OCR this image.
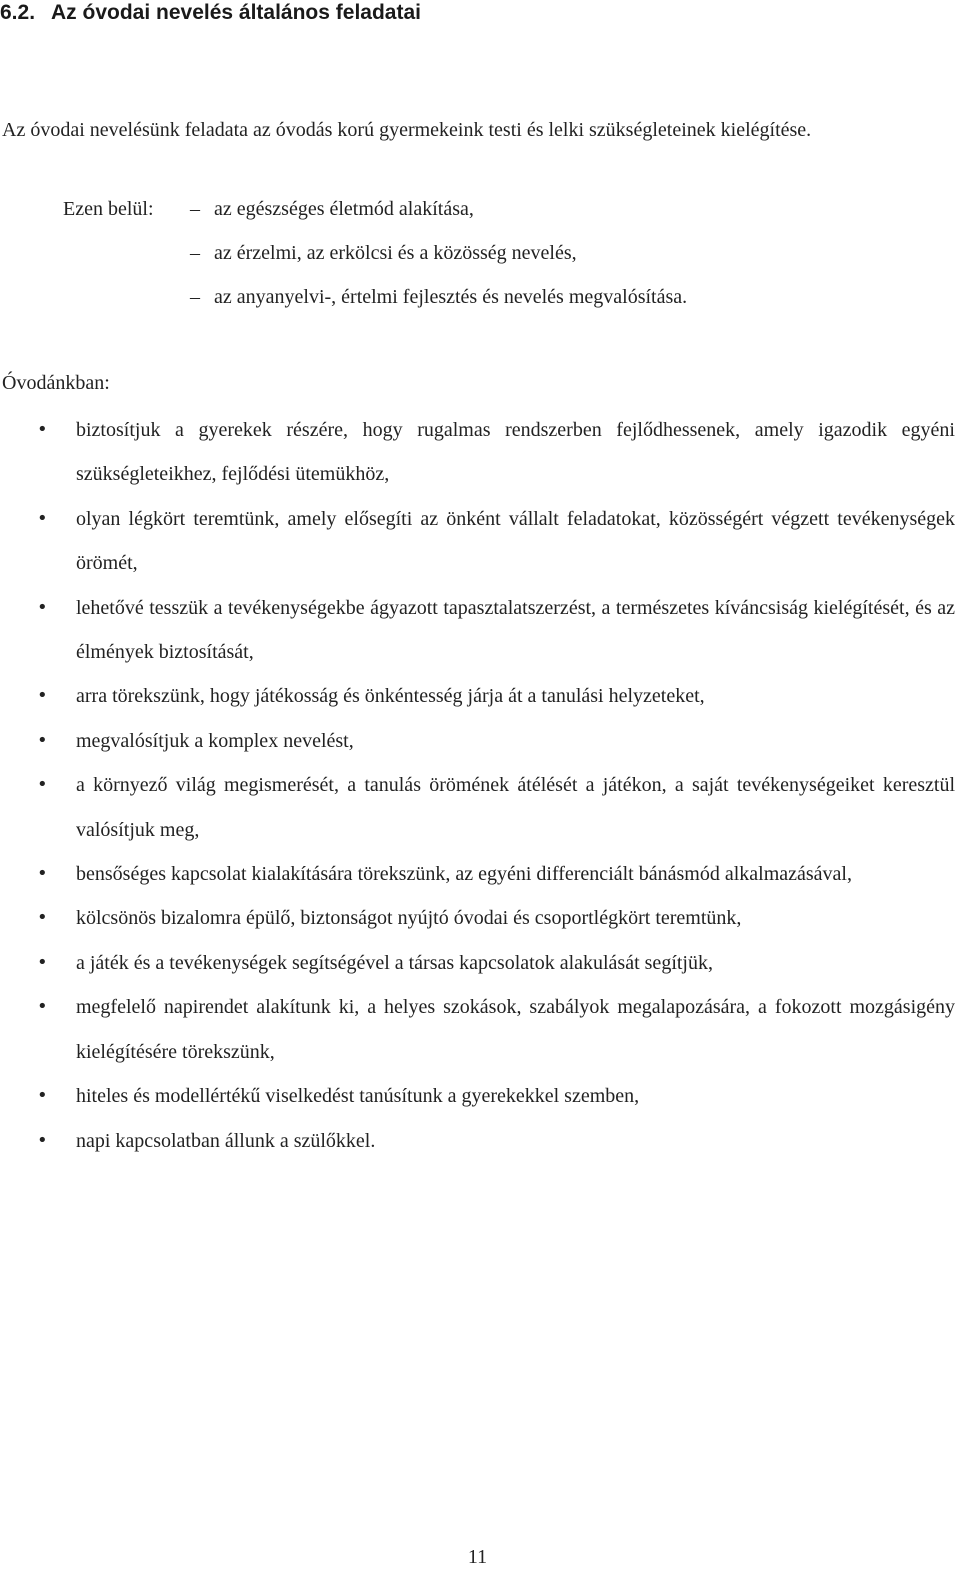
6.2. Az óvodai nevelés általános feladatai
Az óvodai nevelésünk feladata az óvodás korú gyermekeink testi és lelki szükségleteinek kielégítése.
Ezen belül: – az egészséges életmód alakítása,
– az érzelmi, az erkölcsi és a közösség nevelés,
– az anyanyelvi-, értelmi fejlesztés és nevelés megvalósítása.
Óvodánkban:
• biztosítjuk a gyerekek részére, hogy rugalmas rendszerben fejlődhessenek, amely igazodik egyéni szükségleteikhez, fejlődési ütemükhöz,
• olyan légkört teremtünk, amely elősegíti az önként vállalt feladatokat, közösségért végzett tevékenységek örömét,
• lehetővé tesszük a tevékenységekbe ágyazott tapasztalatszerzést, a természetes kíváncsiság kielégítését, és az élmények biztosítását,
• arra törekszünk, hogy játékosság és önkéntesség járja át a tanulási helyzeteket,
• megvalósítjuk a komplex nevelést,
• a környező világ megismerését, a tanulás örömének átélését a játékon, a saját tevékenységeiket keresztül valósítjuk meg,
• bensőséges kapcsolat kialakítására törekszünk, az egyéni differenciált bánásmód alkalmazásával,
• kölcsönös bizalomra épülő, biztonságot nyújtó óvodai és csoportlégkört teremtünk,
• a játék és a tevékenységek segítségével a társas kapcsolatok alakulását segítjük,
• megfelelő napirendet alakítunk ki, a helyes szokások, szabályok megalapozására, a fokozott mozgásigény kielégítésére törekszünk,
• hiteles és modellértékű viselkedést tanúsítunk a gyerekekkel szemben,
• napi kapcsolatban állunk a szülőkkel.
11
